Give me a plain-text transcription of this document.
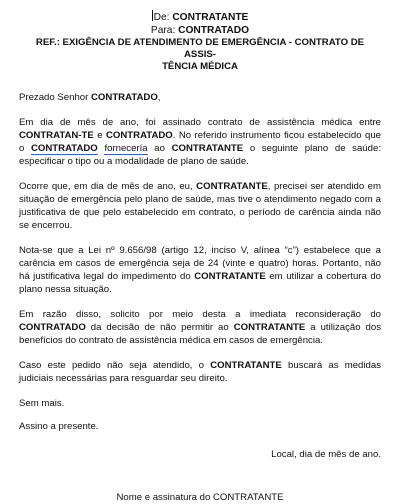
De: CONTRATANTE
Para: CONTRATADO
REF.: EXIGÊNCIA DE ATENDIMENTO DE EMERGÊNCIA - CONTRATO DE ASSIS-
TÊNCIA MÉDICA
Prezado Senhor CONTRATADO,
Em dia de mês de ano, foi assinado contrato de assistência médica entre CONTRATAN-TE e CONTRATADO. No referido instrumento ficou estabelecido que o CONTRATADO fornecería ao CONTRATANTE o seguinte plano de saúde: especificar o tipo ou a modalidade de plano de saúde.
Ocorre que, em dia de mês de ano, eu, CONTRATANTE, precisei ser atendido em situação de emergência pelo plano de saúde, mas tive o atendimento negado com a justificativa de que pelo estabelecido em contrato, o período de carência ainda não se encerrou.
Nota-se que a Lei nº 9.656/98 (artigo 12, inciso V, alínea “c”) estabelece que a carência em casos de emergência seja de 24 (vinte e quatro) horas. Portanto, não há justificativa legal do impedimento do CONTRATANTE em utilizar a cobertura do plano nessa situação.
Em razão disso, solicito por meio desta a imediata reconsideração do CONTRATADO da decisão de não permitir ao CONTRATANTE a utilização dos benefícios do contrato de assistência médica em casos de emergência.
Caso este pedido não seja atendido, o CONTRATANTE buscará as medidas judiciais necessárias para resguardar seu direito.
Sem mais.
Assino a presente.
Local, dia de mês de ano.
Nome e assinatura do CONTRATANTE
